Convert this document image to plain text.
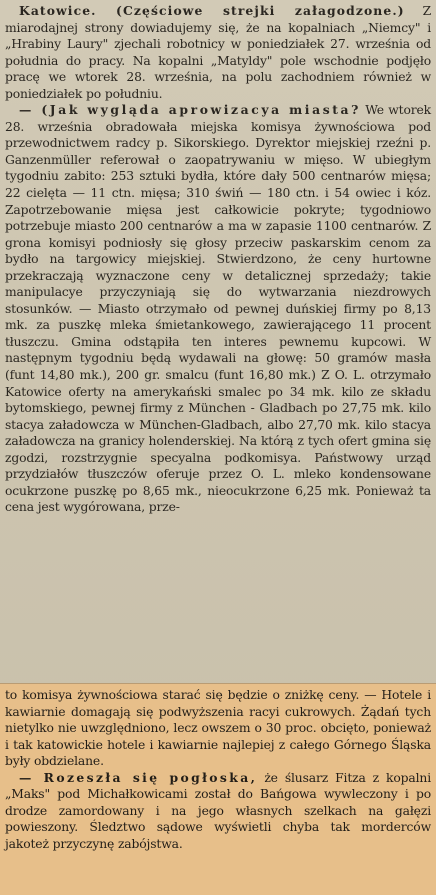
Katowice. (Częściowe strejki załagodzone.) Z miarodajnej strony dowiadujemy się, że na kopalniach „Niemcy" i „Hrabiny Laury" zjechali robotnicy w poniedziałek 27. września od południa do pracy. Na kopalni „Matyldy" pole wschodnie podjęło pracę we wtorek 28. września, na polu zachodniem również w poniedziałek po południu.

— (Jak wygląda aprowizacya miasta? We wtorek 28. września obradowała miejska komisya żywnościowa pod przewodnictwem radcy p. Sikorskiego. Dyrektor miejskiej rzeźni p. Ganzenmüller referował o zaopatrywaniu w mięso. W ubiegłym tygodniu zabito: 253 sztuki bydła, które dały 500 centnarów mięsa; 22 cielęta — 11 ctn. mięsa; 310 świń — 180 ctn. i 54 owiec i kóz. Zapotrzebowanie mięsa jest całkowicie pokryte; tygodniowo potrzebuje miasto 200 centnarów a ma w zapasie 1100 centnarów. Z grona komisyi podniosły się głosy przeciw paskarskim cenom za bydło na targowicy miejskiej. Stwierdzono, że ceny hurtowne przekraczają wyznaczone ceny w detalicznej sprzedaży; takie manipulacye przyczyniają się do wytwarzania niezdrowych stosunków. — Miasto otrzymało od pewnej duńskiej firmy po 8,13 mk. za puszkę mleka śmietankowego, zawierającego 11 procent tłuszczu. Gmina odstąpiła ten interes pewnemu kupcowi. W następnym tygodniu będą wydawali na głowę: 50 gramów masła (funt 14,80 mk.), 200 gr. smalcu (funt 16,80 mk.) Z O. L. otrzymało Katowice oferty na amerykański smalec po 34 mk. kilo ze składu bytomskiego, pewnej firmy z München - Gladbach po 27,75 mk. kilo stacya załadowcza w München-Gladbach, albo 27,70 mk. kilo stacya załadowcza na granicy holenderskiej. Na którą z tych ofert gmina się zgodzi, rozstrzygnie specyalna podkomisya. Państwowy urząd przydziałów tłuszczów oferuje przez O. L. mleko kondensowane ocukrzone puszkę po 8,65 mk., nieocukrzone 6,25 mk. Ponieważ ta cena jest wygórowana, prze-

to komisya żywnościowa starać się będzie o zniżkę ceny. — Hotele i kawiarnie domagają się podwyższenia racyi cukrowych. Żądań tych nietylko nie uwzględniono, lecz owszem o 30 proc. obcięto, ponieważ i tak katowickie hotele i kawiarnie najlepiej z całego Górnego Śląska były obdzielane.

— Rozeszła się pogłoska, że ślusarz Fitza z kopalni „Maks" pod Michałkowicami został do Bańgowa wywleczony i po drodze zamordowany i na jego własnych szelkach na gałęzi powieszony. Śledztwo sądowe wyświetli chyba tak morderców jakoteż przyczynę zabójstwa.
